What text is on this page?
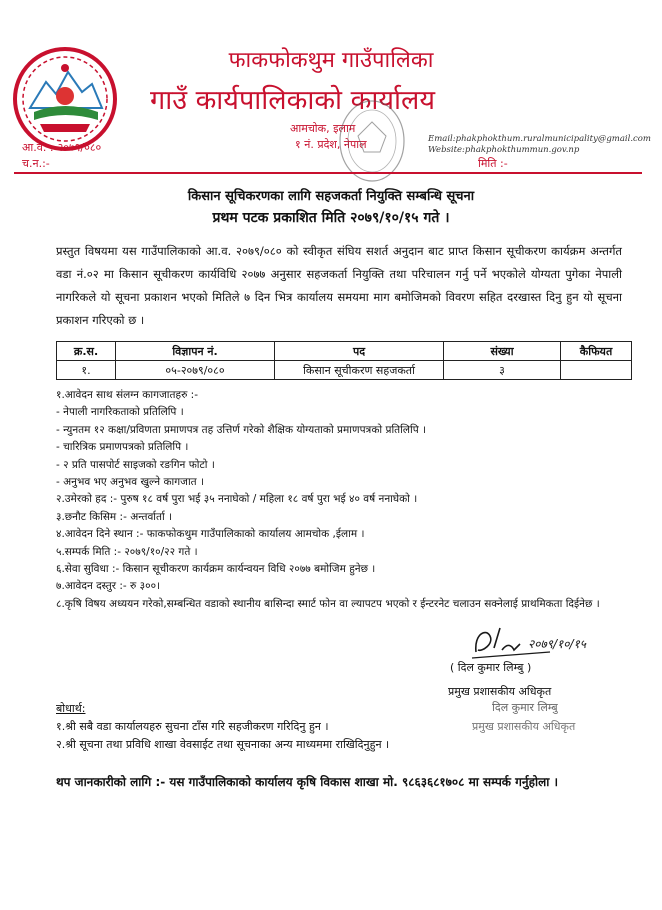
फाकफोकथुम गाउँपालिका
गाउँ कार्यपालिकाको कार्यालय
आमचोक, इलाम
१ नं. प्रदेश, नेपाल
आ.व. :-२०७९/०८०
च.न.:-
Email:phakphokthum.ruralmunicipality@gmail.com
Website:phakphokthummun.gov.np
मिति :-
किसान सूचिकरणका लागि सहजकर्ता नियुक्ति सम्बन्धि सूचना
प्रथम पटक प्रकाशित मिति २०७९/१०/१५ गते ।
प्रस्तुत विषयमा यस गाउँपालिकाको आ.व. २०७९/०८० को स्वीकृत संघिय सशर्त अनुदान बाट प्राप्त किसान सूचीकरण कार्यक्रम अन्तर्गत वडा नं.०२ मा किसान सूचीकरण कार्यविधि २०७७ अनुसार सहजकर्ता नियुक्ति तथा परिचालन गर्नु पर्ने भएकोले योग्यता पुगेका नेपाली नागरिकले यो सूचना प्रकाशन भएको मितिले ७ दिन भित्र कार्यालय समयमा माग बमोजिमको विवरण सहित दरखास्त दिनु हुन यो सूचना प्रकाशन गरिएको छ ।
क्र.स.	विज्ञापन नं.	पद	संख्या	कैफियत
१.	०५-२०७९/०८०	किसान सूचीकरण सहजकर्ता	३	
१.आवेदन साथ संलग्न कागजातहरु :-
- नेपाली नागरिकताको प्रतिलिपि ।
- न्युनतम १२ कक्षा/प्रविणता प्रमाणपत्र तह उत्तिर्ण गरेको शैक्षिक योग्यताको प्रमाणपत्रको प्रतिलिपि ।
- चारित्रिक प्रमाणपत्रको प्रतिलिपि ।
- २ प्रति पासपोर्ट साइजको रङगिन फोटो ।
- अनुभव भए अनुभव खुल्ने कागजात ।
२.उमेरको हद :- पुरुष १८ वर्ष पुरा भई ३५ ननाघेको / महिला १८ वर्ष पुरा भई ४० वर्ष ननाघेको ।
३.छनौट किसिम :- अन्तर्वार्ता ।
४.आवेदन दिने स्थान :- फाकफोकथुम गाउँपालिकाको कार्यालय आमचोक ,ईलाम ।
५.सम्पर्क मिति :- २०७९/१०/२२ गते ।
६.सेवा सुविधा :- किसान सूचीकरण कार्यक्रम कार्यन्वयन विधि २०७७ बमोजिम हुनेछ ।
७.आवेदन दस्तुर :- रु ३००।
८.कृषि विषय अध्ययन गरेको,सम्बन्धित वडाको स्थानीय बासिन्दा स्मार्ट फोन वा ल्यापटप भएको र ईन्टरनेट चलाउन सक्नेलाई प्राथमिकता दिईनेछ ।
२०७९/१०/१५
( दिल कुमार लिम्बु )
प्रमुख प्रशासकीय अधिकृत
दिल कुमार लिम्बु
प्रमुख प्रशासकीय अधिकृत
बोधार्थ:
१.श्री सबै वडा कार्यालयहरु सुचना टाँस गरि सहजीकरण गरिदिनु हुन ।
२.श्री सूचना तथा प्रविधि शाखा वेवसाईट तथा सूचनाका अन्य माध्यममा राखिदिनुहुन ।
थप जानकारीको लागि :- यस गाउँपालिकाको कार्यालय कृषि विकास शाखा मो. ९८६३६८१७०८ मा सम्पर्क गर्नुहोला ।
